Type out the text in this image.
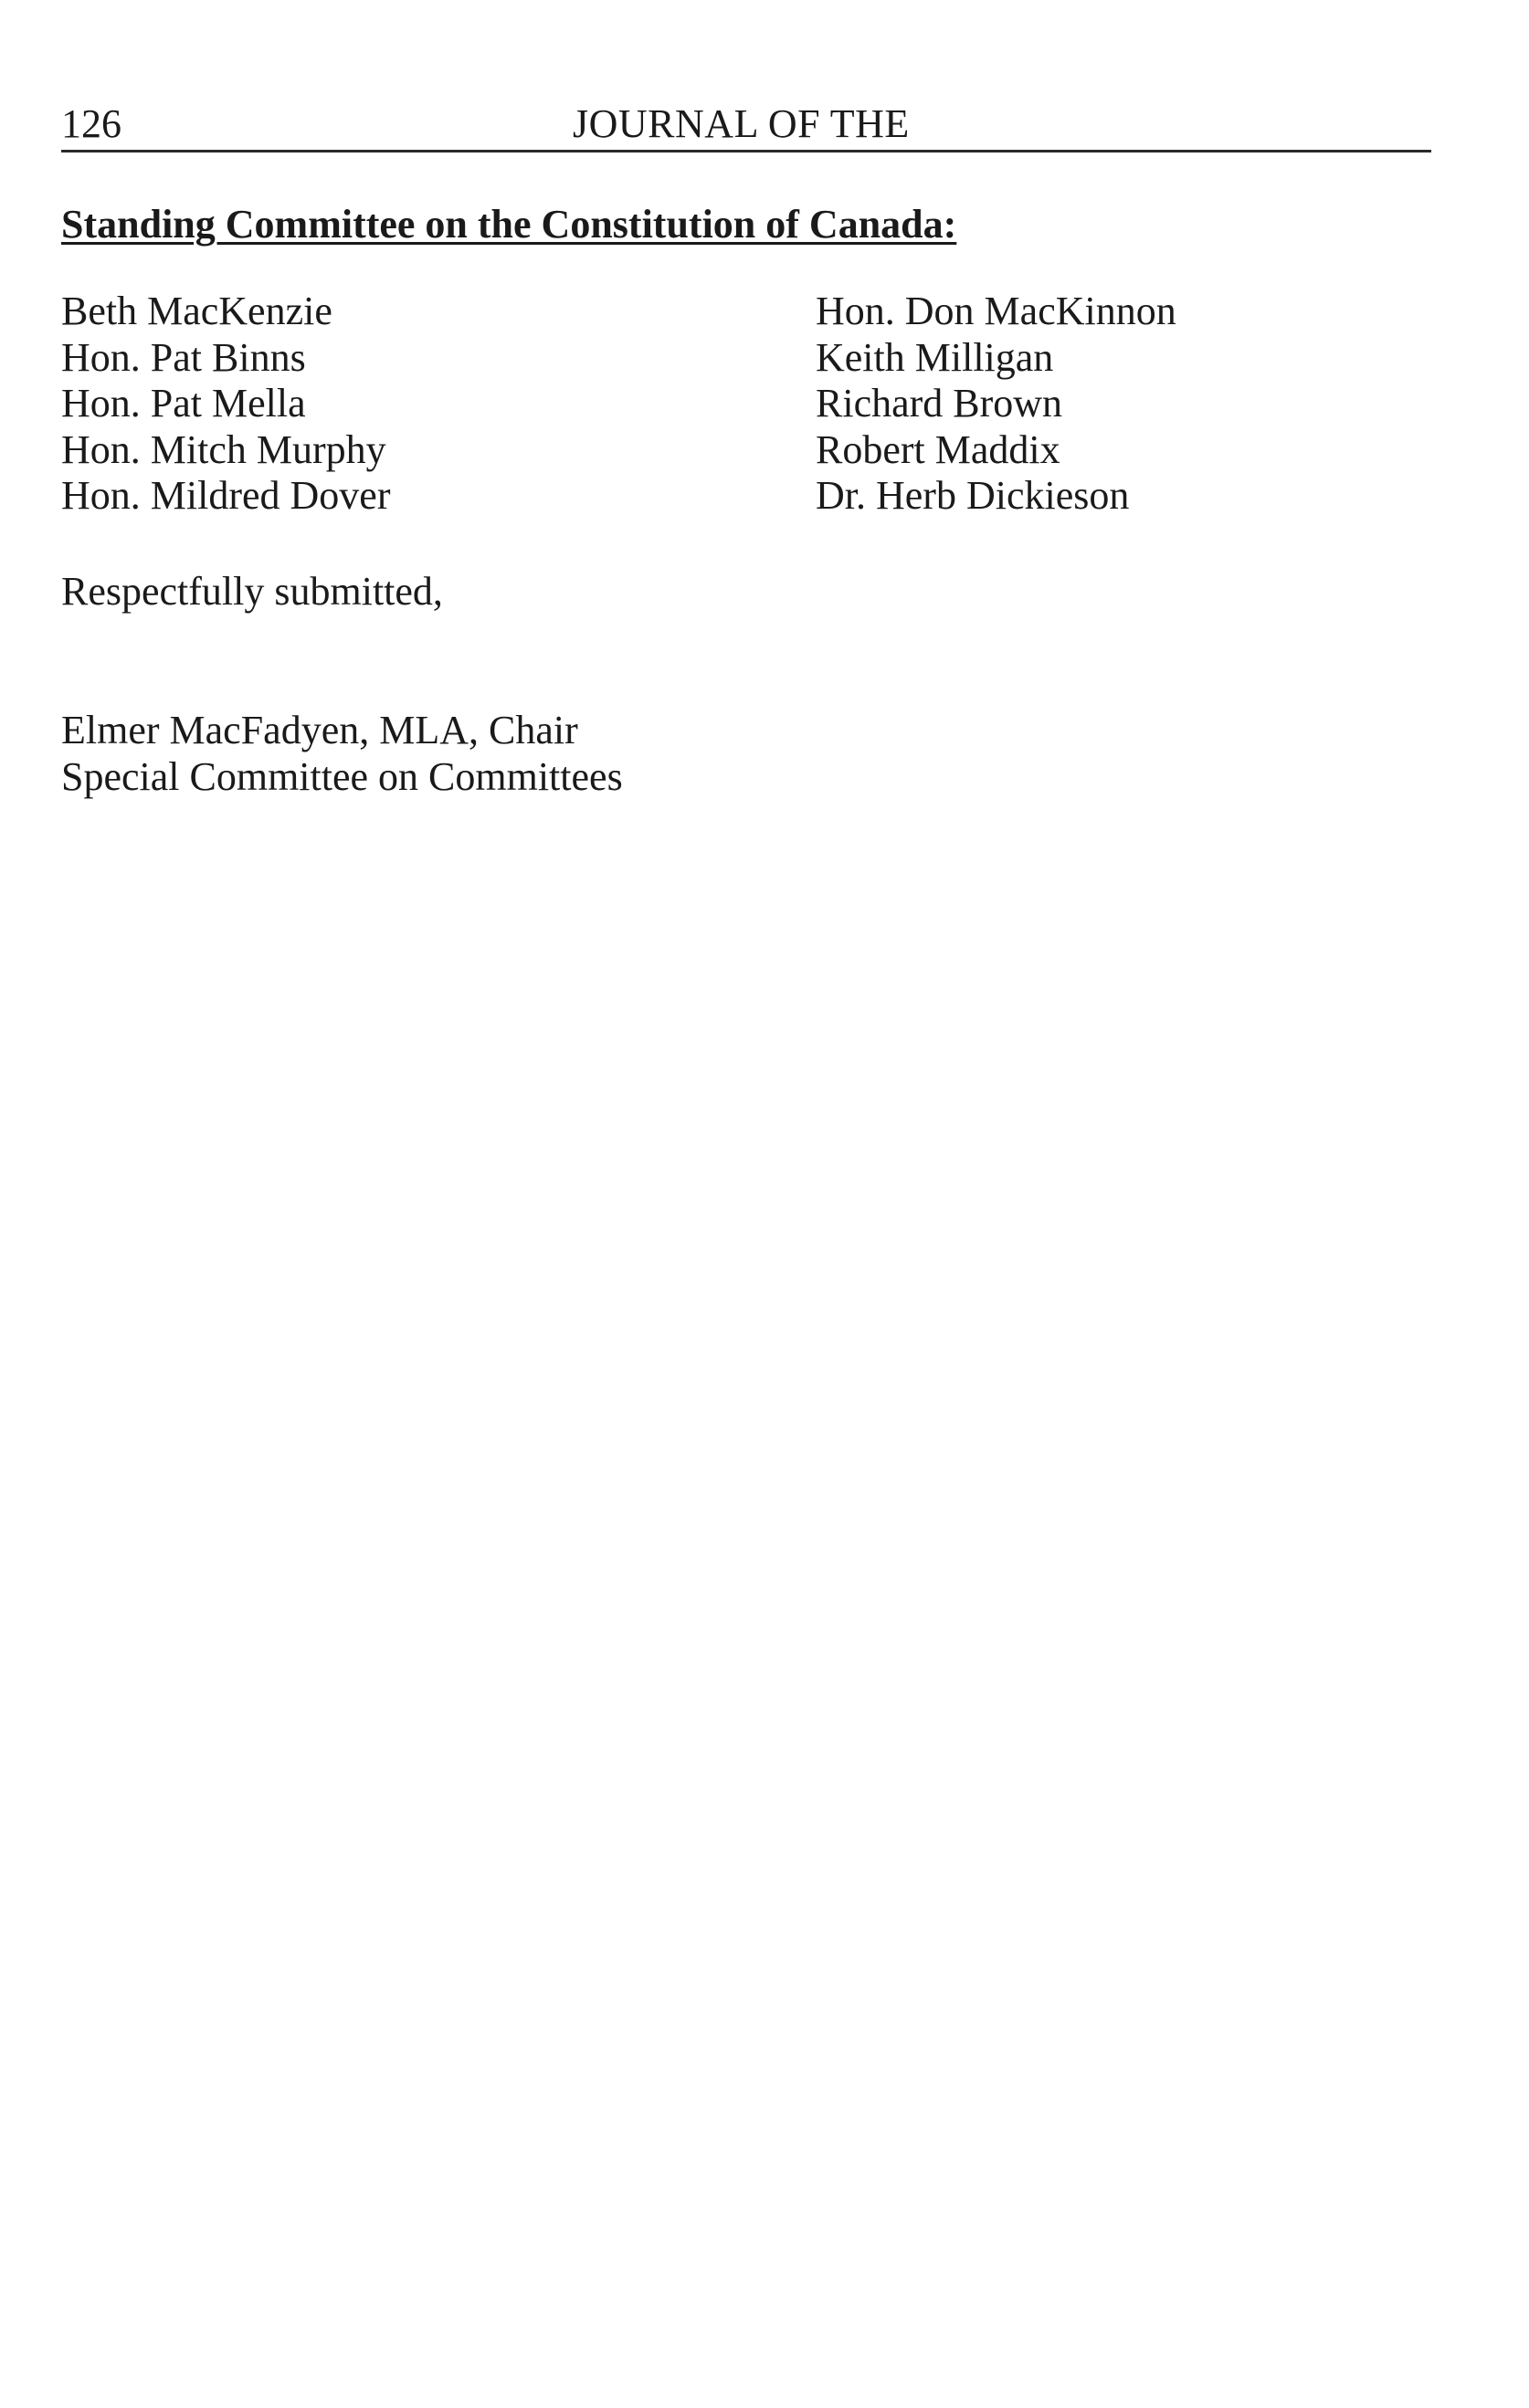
126	JOURNAL OF THE
Standing Committee on the Constitution of Canada:
Beth MacKenzie
Hon. Pat Binns
Hon. Pat Mella
Hon. Mitch Murphy
Hon. Mildred Dover
Hon. Don MacKinnon
Keith Milligan
Richard Brown
Robert Maddix
Dr. Herb Dickieson
Respectfully submitted,
Elmer MacFadyen, MLA, Chair
Special Committee on Committees
